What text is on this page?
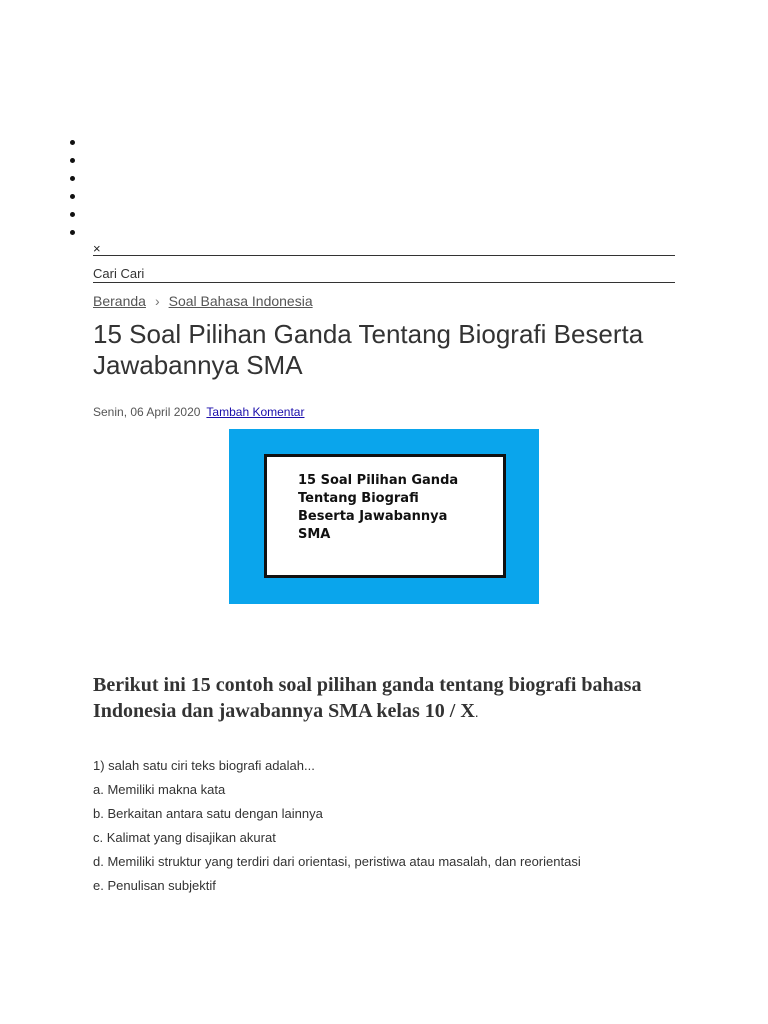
×
Cari Cari
Beranda › Soal Bahasa Indonesia
15 Soal Pilihan Ganda Tentang Biografi Beserta Jawabannya SMA
Senin, 06 April 2020 Tambah Komentar
15 Soal Pilihan Ganda
Tentang Biografi
Beserta Jawabannya
SMA

Berikut ini 15 contoh soal pilihan ganda tentang biografi bahasa Indonesia dan jawabannya SMA kelas 10 / X.

1) salah satu ciri teks biografi adalah...
a. Memiliki makna kata
b. Berkaitan antara satu dengan lainnya
c. Kalimat yang disajikan akurat
d. Memiliki struktur yang terdiri dari orientasi, peristiwa atau masalah, dan reorientasi
e. Penulisan subjektif
